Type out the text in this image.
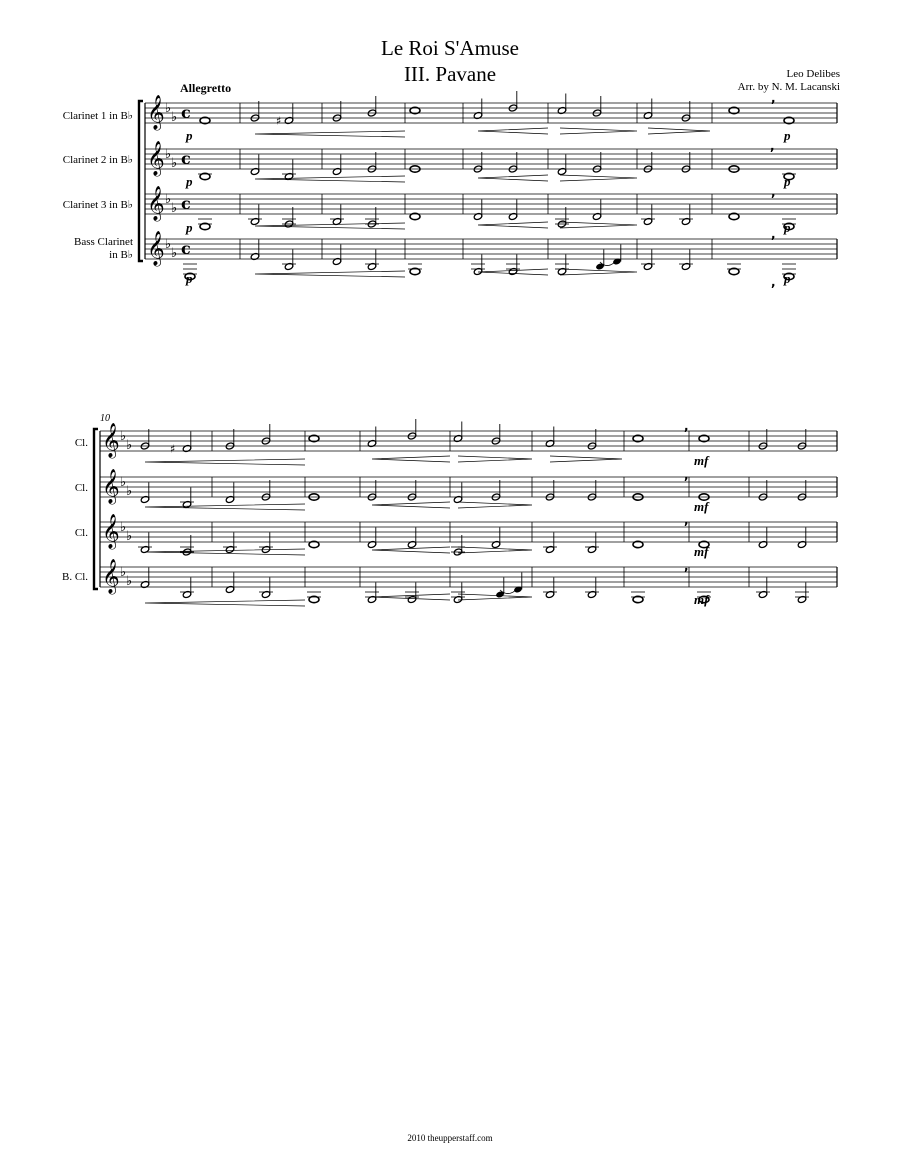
Le Roi S'Amuse
III. Pavane	Leo Delibes
Arr. by N. M. Lacanski
Allegretto
𝄞 ♭
♭ c
𝄞 ♭
♭ c
𝄞 ♭
♭ c
𝄞 ♭
♭ c
♯
,
,
,
,
,
𝄞 ♭
♭
𝄞 ♭
♭
𝄞 ♭
♭
𝄞 ♭
♭
♯
,
,
,
,
Clarinet 1 in B♭
Clarinet 2 in B♭
Clarinet 3 in B♭
Bass Clarinet
in B♭
p
p
p
p
p
p
p
p
Cl.
Cl.
Cl.
B. Cl.
10
mf
mf
mf
mf
2010 theupperstaff.com
